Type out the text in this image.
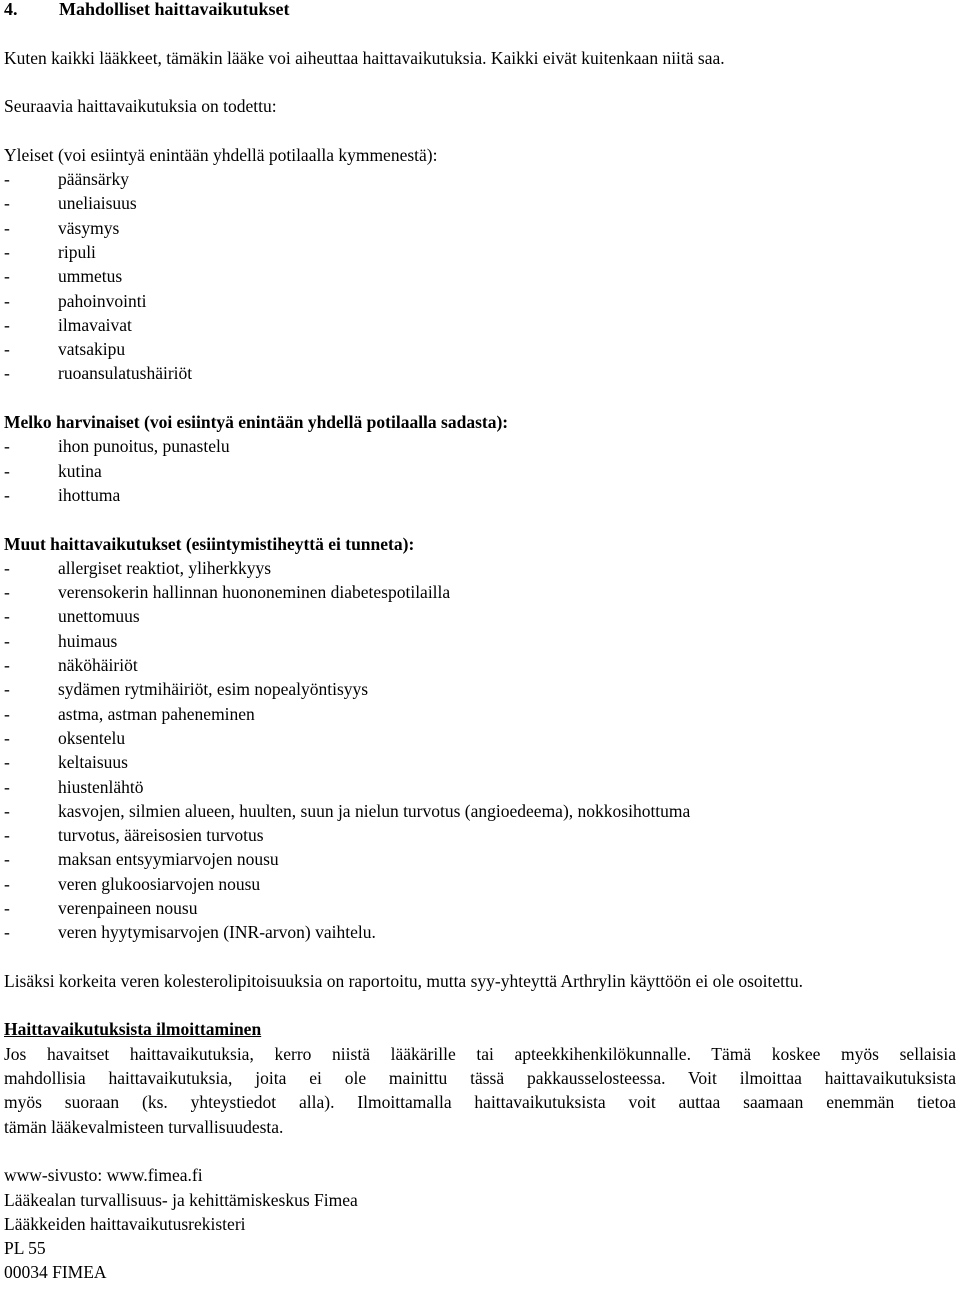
4. Mahdolliset haittavaikutukset

Kuten kaikki lääkkeet, tämäkin lääke voi aiheuttaa haittavaikutuksia. Kaikki eivät kuitenkaan niitä saa.

Seuraavia haittavaikutuksia on todettu:

Yleiset (voi esiintyä enintään yhdellä potilaalla kymmenestä):

- päänsärky
- uneliaisuus
- väsymys
- ripuli
- ummetus
- pahoinvointi
- ilmavaivat
- vatsakipu
- ruoansulatushäiriöt

Melko harvinaiset (voi esiintyä enintään yhdellä potilaalla sadasta):

- ihon punoitus, punastelu
- kutina
- ihottuma

Muut haittavaikutukset (esiintymistiheyttä ei tunneta):

- allergiset reaktiot, yliherkkyys
- verensokerin hallinnan huononeminen diabetespotilailla
- unettomuus
- huimaus
- näköhäiriöt
- sydämen rytmihäiriöt, esim nopealyöntisyys
- astma, astman paheneminen
- oksentelu
- keltaisuus
- hiustenlähtö
- kasvojen, silmien alueen, huulten, suun ja nielun turvotus (angioedeema), nokkosihottuma
- turvotus, ääreisosien turvotus
- maksan entsyymiarvojen nousu
- veren glukoosiarvojen nousu
- verenpaineen nousu
- veren hyytymisarvojen (INR-arvon) vaihtelu.

Lisäksi korkeita veren kolesterolipitoisuuksia on raportoitu, mutta syy-yhteyttä Arthrylin käyttöön ei ole osoitettu.

Haittavaikutuksista ilmoittaminen

Jos havaitset haittavaikutuksia, kerro niistä lääkärille tai apteekkihenkilökunnalle. Tämä koskee myös sellaisia

mahdollisia haittavaikutuksia, joita ei ole mainittu tässä pakkausselosteessa. Voit ilmoittaa haittavaikutuksista

myös suoraan (ks. yhteystiedot alla). Ilmoittamalla haittavaikutuksista voit auttaa saamaan enemmän tietoa

tämän lääkevalmisteen turvallisuudesta.

www-sivusto: www.fimea.fi

Lääkealan turvallisuus- ja kehittämiskeskus Fimea

Lääkkeiden haittavaikutusrekisteri

PL 55

00034 FIMEA
